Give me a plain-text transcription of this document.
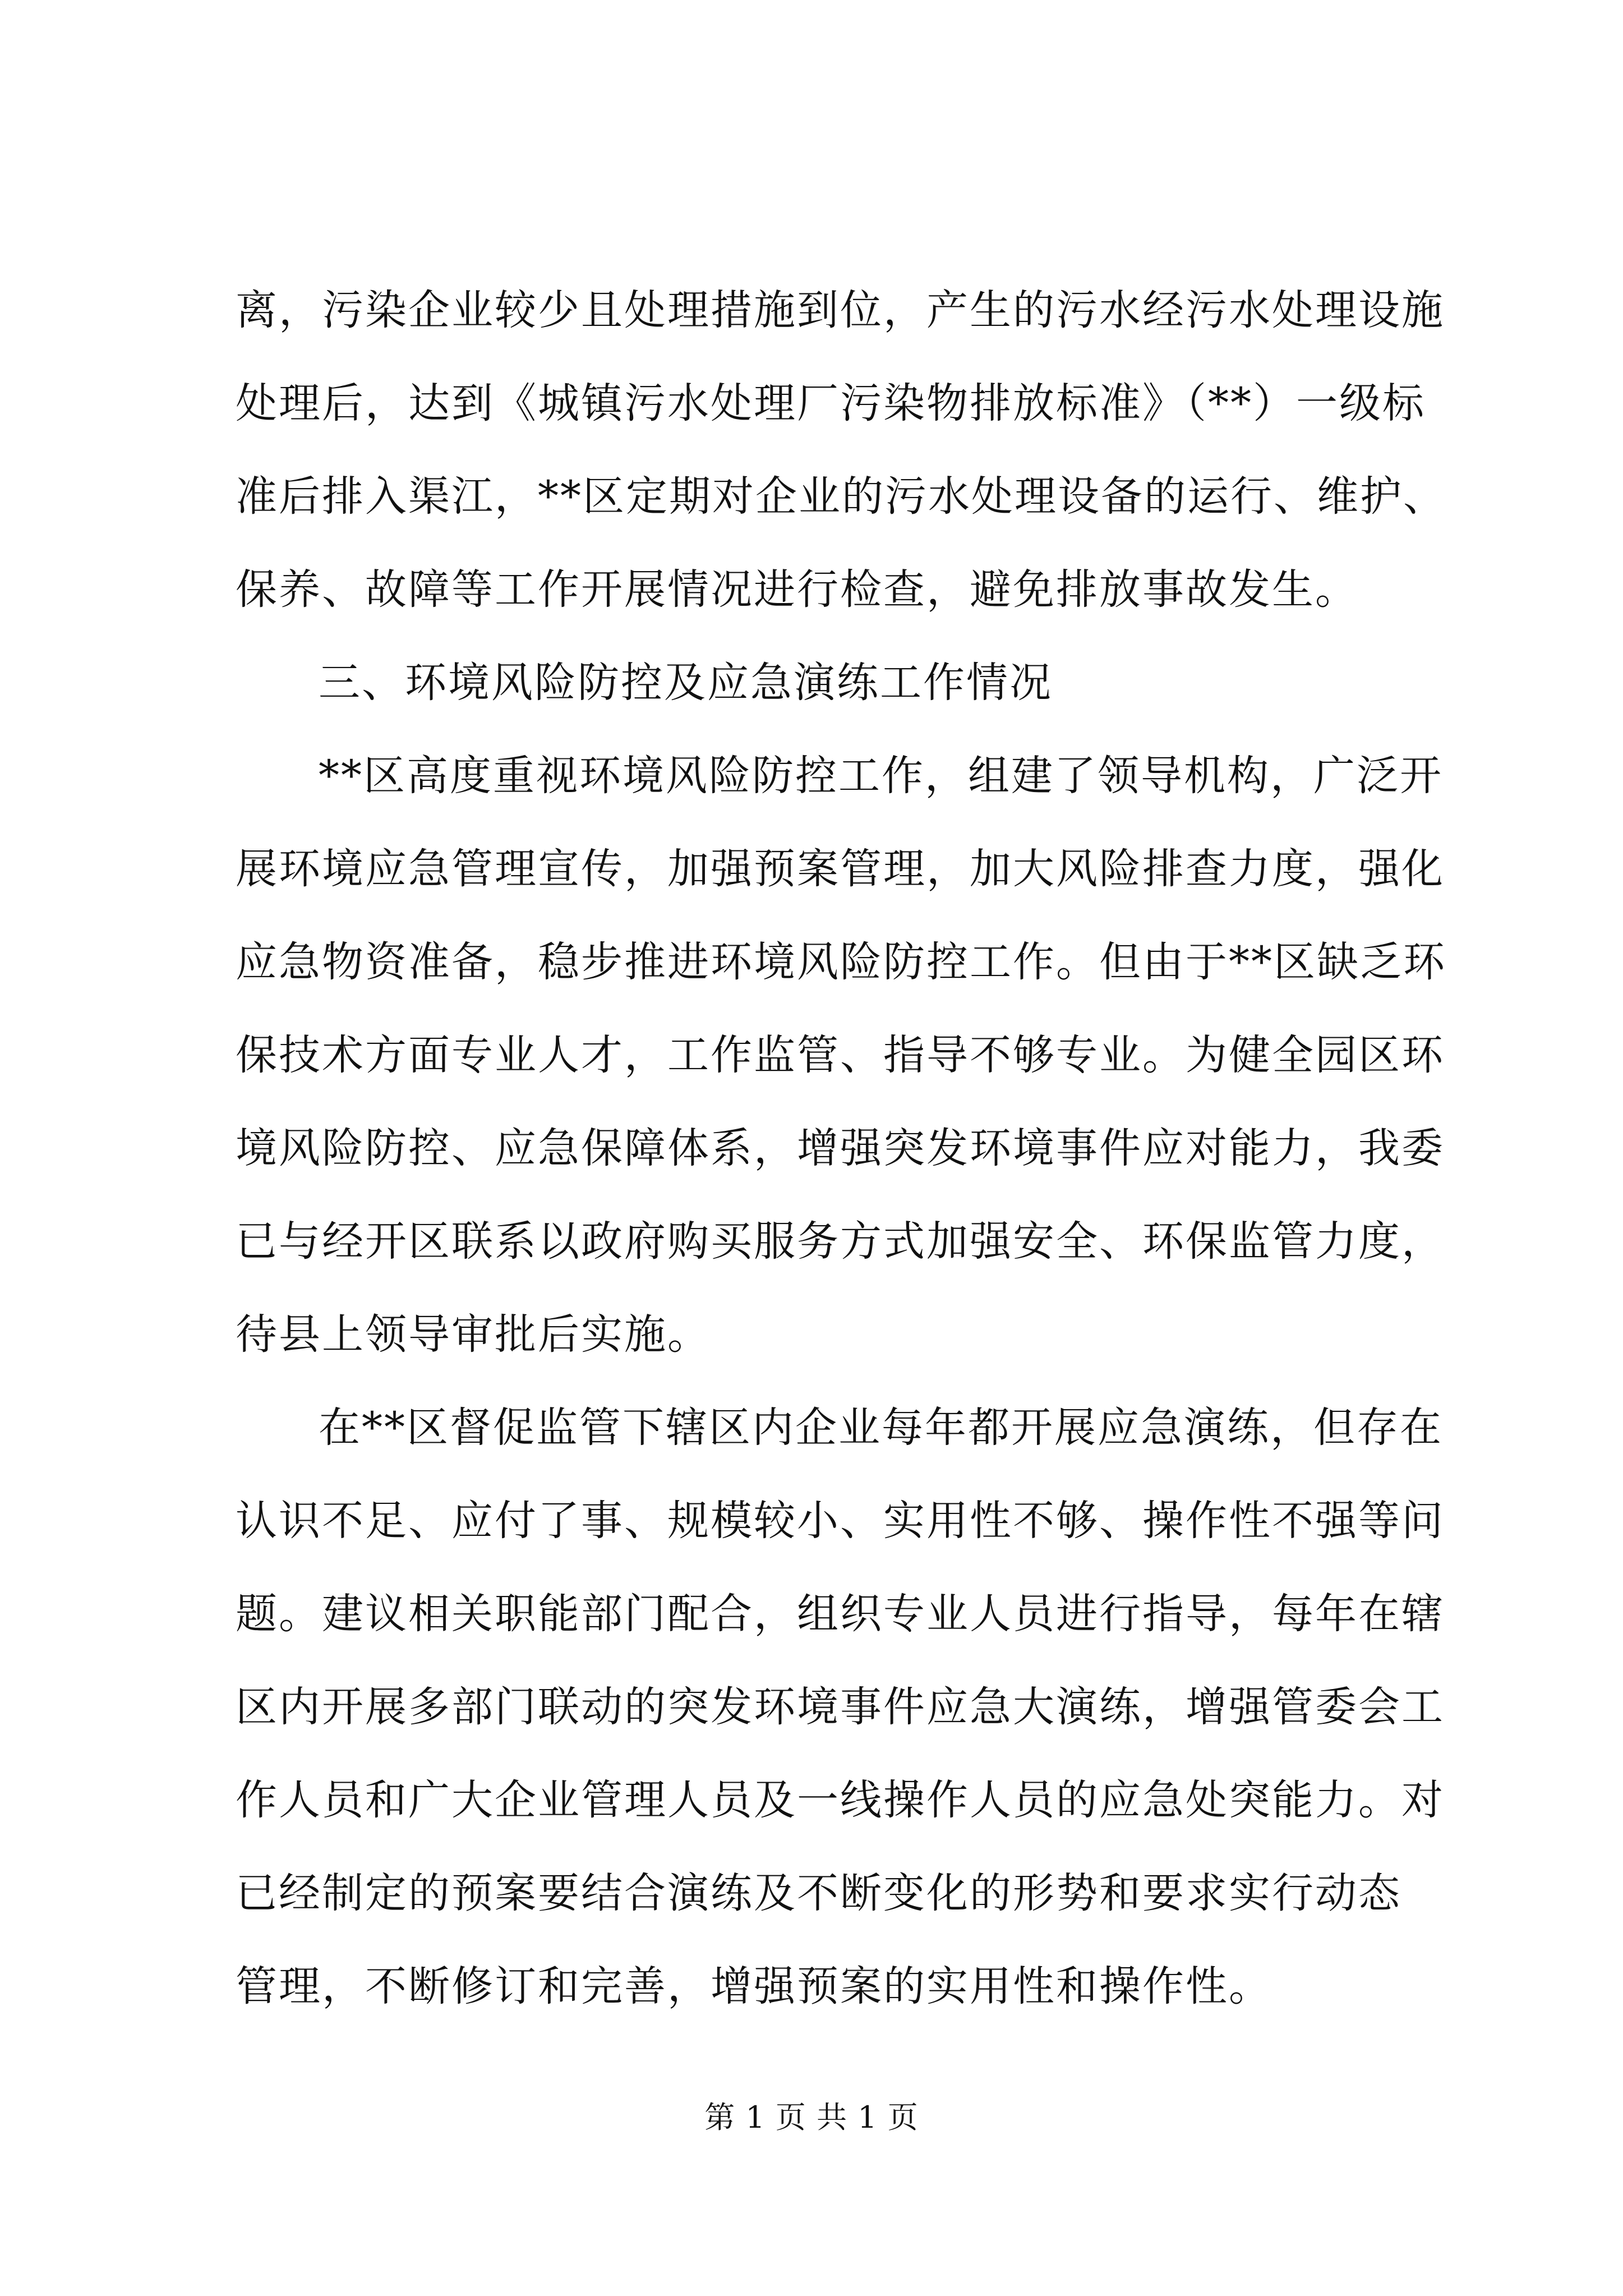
离，污染企业较少且处理措施到位，产生的污水经污水处理设施
处理后，达到《城镇污水处理厂污染物排放标准》（**）一级标
准后排入渠江，**区定期对企业的污水处理设备的运行、维护、
保养、故障等工作开展情况进行检查，避免排放事故发生。
三、环境风险防控及应急演练工作情况
**区高度重视环境风险防控工作，组建了领导机构，广泛开
展环境应急管理宣传，加强预案管理，加大风险排查力度，强化
应急物资准备，稳步推进环境风险防控工作。但由于**区缺乏环
保技术方面专业人才，工作监管、指导不够专业。为健全园区环
境风险防控、应急保障体系，增强突发环境事件应对能力，我委
已与经开区联系以政府购买服务方式加强安全、环保监管力度，
待县上领导审批后实施。
在**区督促监管下辖区内企业每年都开展应急演练，但存在
认识不足、应付了事、规模较小、实用性不够、操作性不强等问
题。建议相关职能部门配合，组织专业人员进行指导，每年在辖
区内开展多部门联动的突发环境事件应急大演练，增强管委会工
作人员和广大企业管理人员及一线操作人员的应急处突能力。对
已经制定的预案要结合演练及不断变化的形势和要求实行动态
管理，不断修订和完善，增强预案的实用性和操作性。
第 1 页 共 1 页
